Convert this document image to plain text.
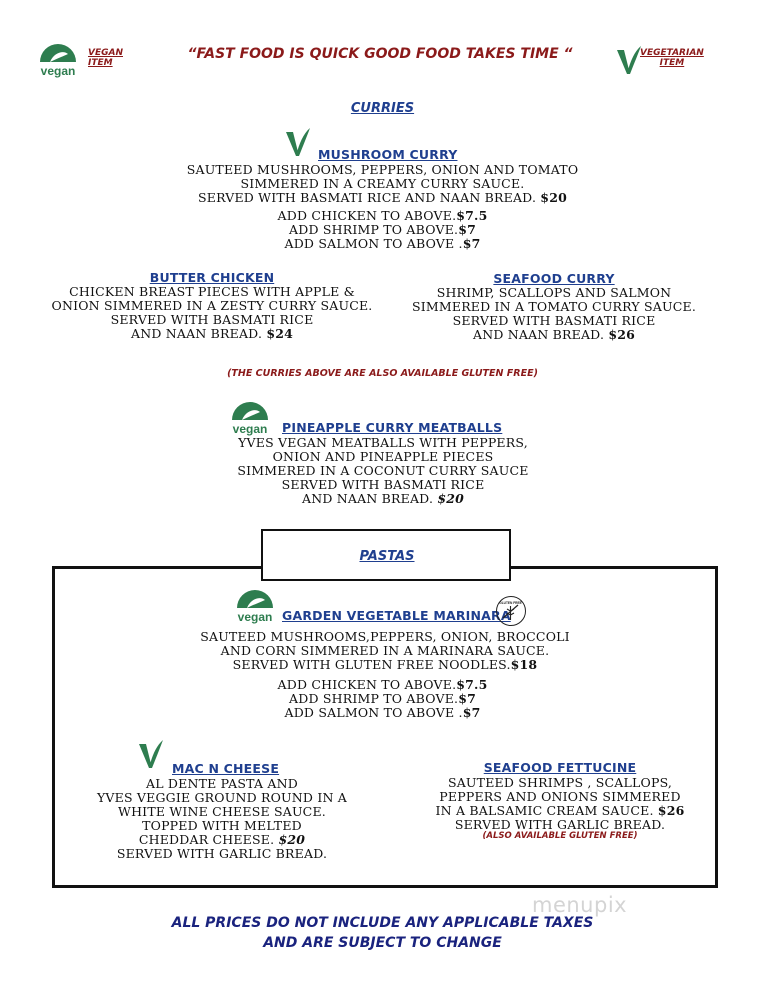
vegan
VEGAN
ITEM
“FAST FOOD IS QUICK GOOD FOOD TAKES TIME “	VEGETARIAN
ITEM
CURRIES
MUSHROOM CURRY
SAUTEED MUSHROOMS, PEPPERS, ONION AND TOMATO
SIMMERED IN A CREAMY CURRY SAUCE.
SERVED WITH BASMATI RICE AND NAAN BREAD. $20
ADD CHICKEN TO ABOVE.$7.5
ADD SHRIMP TO ABOVE.$7
ADD SALMON TO ABOVE .$7
BUTTER CHICKEN
CHICKEN BREAST PIECES WITH APPLE &
ONION SIMMERED IN A ZESTY CURRY SAUCE.
SERVED WITH BASMATI RICE
AND NAAN BREAD. $24
SEAFOOD CURRY
SHRIMP, SCALLOPS AND SALMON
SIMMERED IN A TOMATO CURRY SAUCE.
SERVED WITH BASMATI RICE
AND NAAN BREAD. $26
(THE CURRIES ABOVE ARE ALSO AVAILABLE GLUTEN FREE)
vegan PINEAPPLE CURRY MEATBALLS
YVES VEGAN MEATBALLS WITH PEPPERS,
ONION AND PINEAPPLE PIECES
SIMMERED IN A COCONUT CURRY SAUCE
SERVED WITH BASMATI RICE
AND NAAN BREAD. $20
PASTAS
vegan GARDEN VEGETABLE MARINARA
GLUTEN FREE
SAUTEED MUSHROOMS,PEPPERS, ONION, BROCCOLI
AND CORN SIMMERED IN A MARINARA SAUCE.
SERVED WITH GLUTEN FREE NOODLES.$18
ADD CHICKEN TO ABOVE.$7.5
ADD SHRIMP TO ABOVE.$7
ADD SALMON TO ABOVE .$7
MAC N CHEESE
AL DENTE PASTA AND
YVES VEGGIE GROUND ROUND IN A
WHITE WINE CHEESE SAUCE.
TOPPED WITH MELTED
CHEDDAR CHEESE. $20
SERVED WITH GARLIC BREAD.
SEAFOOD FETTUCINE
SAUTEED SHRIMPS , SCALLOPS,
PEPPERS AND ONIONS SIMMERED
IN A BALSAMIC CREAM SAUCE. $26
SERVED WITH GARLIC BREAD.
(ALSO AVAILABLE GLUTEN FREE)
menupix
ALL PRICES DO NOT INCLUDE ANY APPLICABLE TAXES
AND ARE SUBJECT TO CHANGE
